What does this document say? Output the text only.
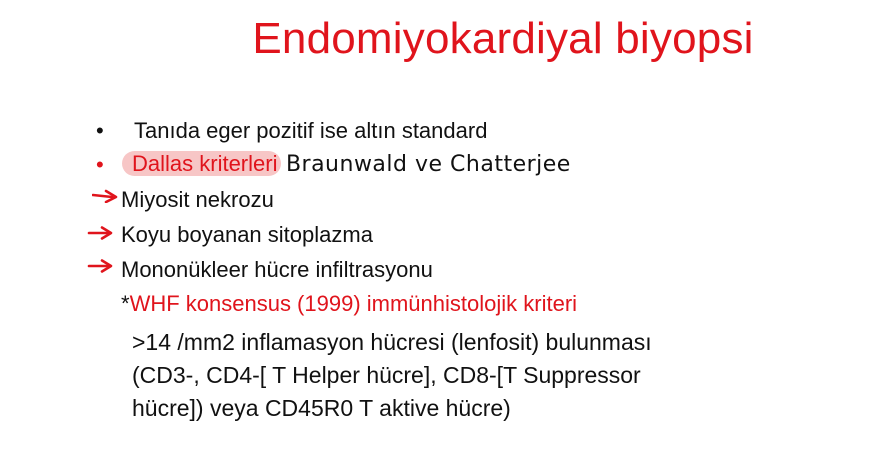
Endomiyokardiyal biyopsi
• Tanıda eger pozitif ise altın standard
• Dallas kriterleri Braunwald ve Chatterjee
Miyosit nekrozu
Koyu boyanan sitoplazma
Mononükleer hücre infiltrasyonu
*WHF konsensus (1999) immünhistolojik kriteri
>14 /mm2 inflamasyon hücresi (lenfosit) bulunması
(CD3-, CD4-[ T Helper hücre], CD8-[T Suppressor
hücre]) veya CD45R0 T aktive hücre)
